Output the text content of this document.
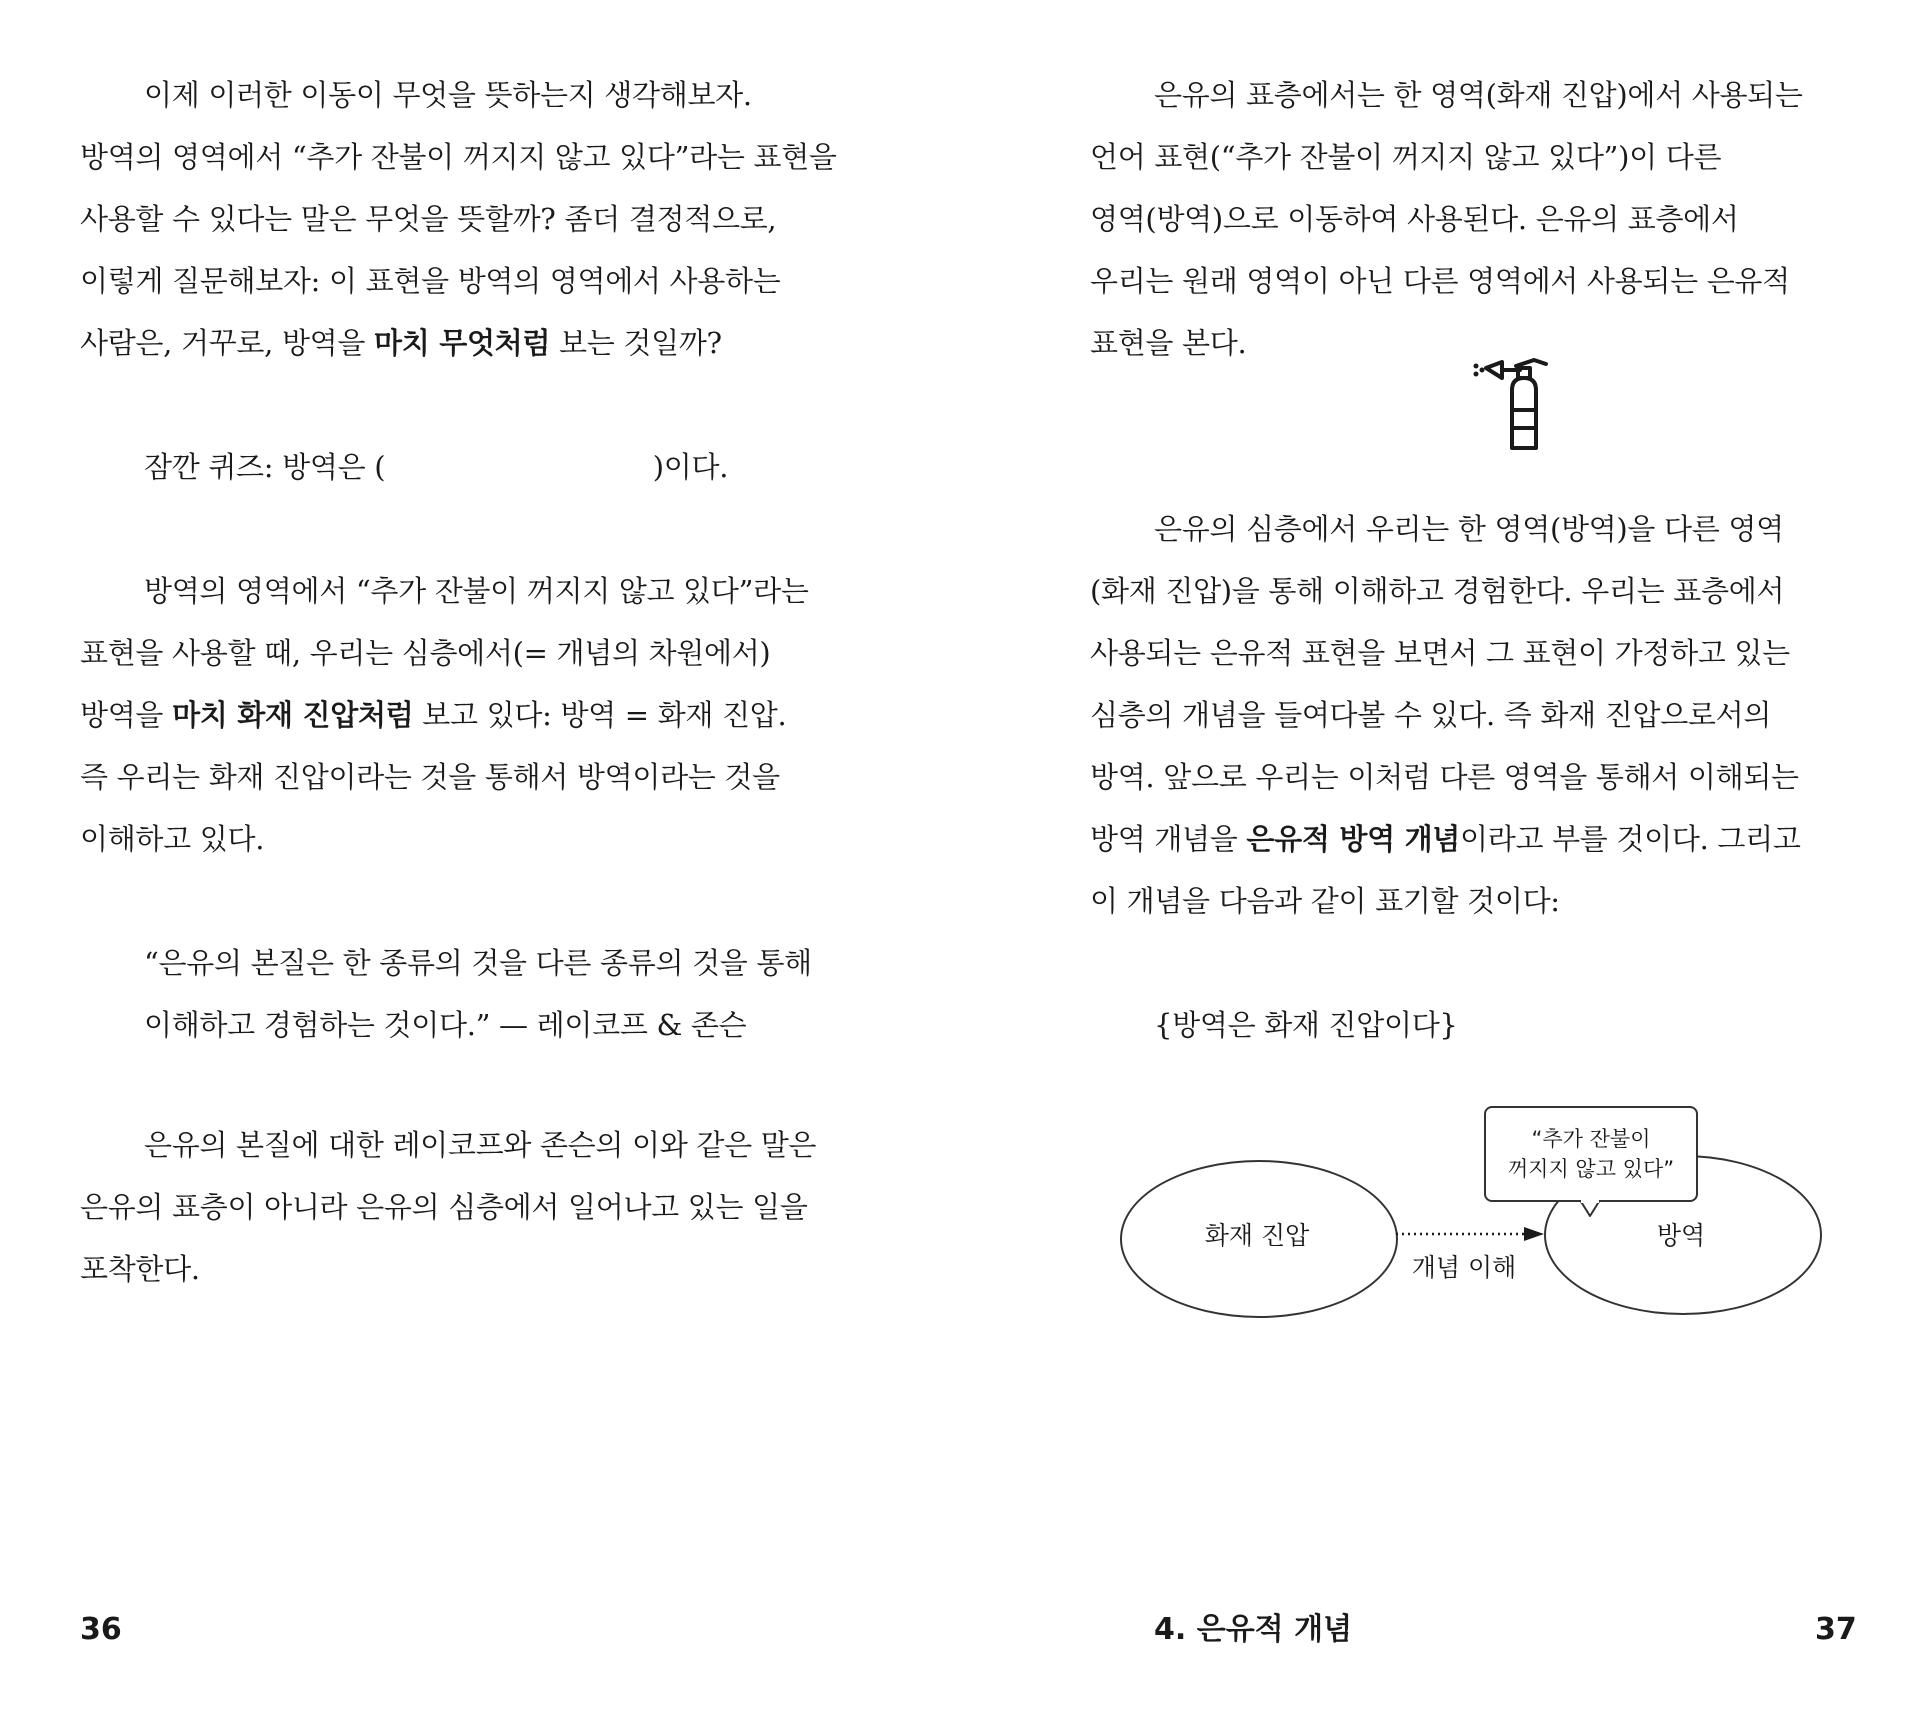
이제 이러한 이동이 무엇을 뜻하는지 생각해보자.
방역의 영역에서 “추가 잔불이 꺼지지 않고 있다”라는 표현을
사용할 수 있다는 말은 무엇을 뜻할까? 좀더 결정적으로,
이렇게 질문해보자: 이 표현을 방역의 영역에서 사용하는
사람은, 거꾸로, 방역을 마치 무엇처럼 보는 것일까?
잠깐 퀴즈: 방역은 (                              )이다.
방역의 영역에서 “추가 잔불이 꺼지지 않고 있다”라는
표현을 사용할 때, 우리는 심층에서(= 개념의 차원에서)
방역을 마치 화재 진압처럼 보고 있다: 방역 = 화재 진압.
즉 우리는 화재 진압이라는 것을 통해서 방역이라는 것을
이해하고 있다.
“은유의 본질은 한 종류의 것을 다른 종류의 것을 통해
이해하고 경험하는 것이다.” — 레이코프 & 존슨
은유의 본질에 대한 레이코프와 존슨의 이와 같은 말은
은유의 표층이 아니라 은유의 심층에서 일어나고 있는 일을
포착한다.
36
은유의 표층에서는 한 영역(화재 진압)에서 사용되는
언어 표현(“추가 잔불이 꺼지지 않고 있다”)이 다른
영역(방역)으로 이동하여 사용된다. 은유의 표층에서
우리는 원래 영역이 아닌 다른 영역에서 사용되는 은유적
표현을 본다.
은유의 심층에서 우리는 한 영역(방역)을 다른 영역
(화재 진압)을 통해 이해하고 경험한다. 우리는 표층에서
사용되는 은유적 표현을 보면서 그 표현이 가정하고 있는
심층의 개념을 들여다볼 수 있다. 즉 화재 진압으로서의
방역. 앞으로 우리는 이처럼 다른 영역을 통해서 이해되는
방역 개념을 은유적 방역 개념이라고 부를 것이다. 그리고
이 개념을 다음과 같이 표기할 것이다:
{방역은 화재 진압이다}
화재 진압	방역
개념 이해
“추가 잔불이
꺼지지 않고 있다”
4. 은유적 개념	37
